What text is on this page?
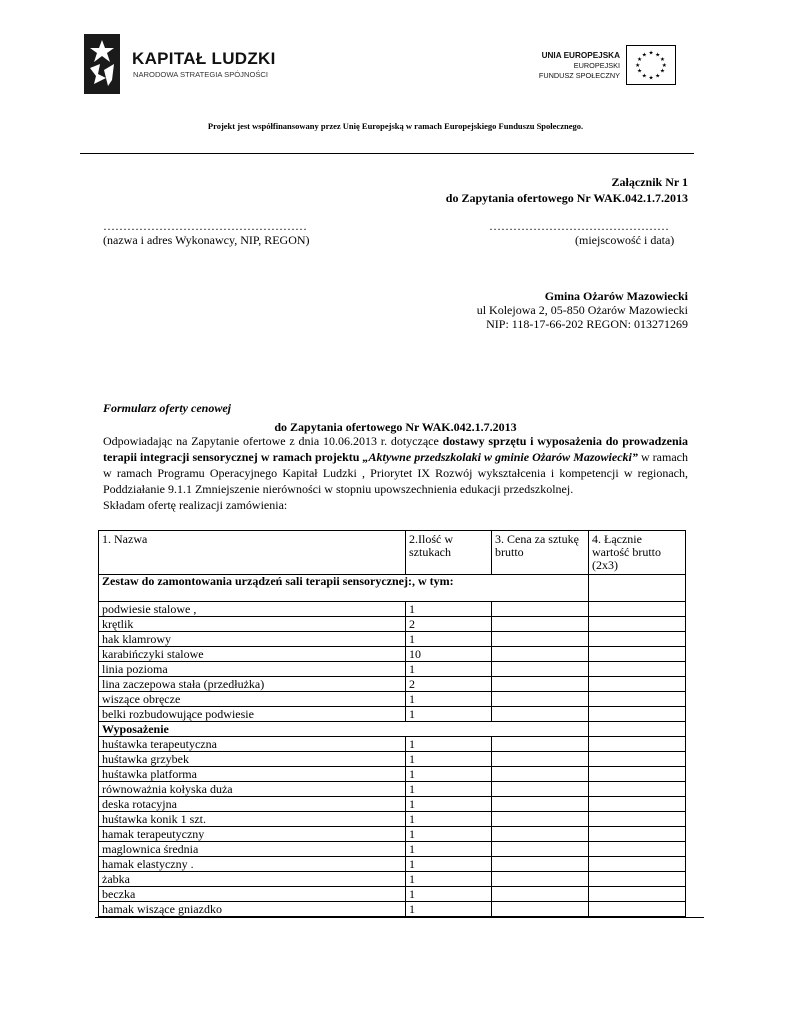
KAPITAŁ LUDZKI
NARODOWA STRATEGIA SPÓJNOŚCI
UNIA EUROPEJSKA
EUROPEJSKI
FUNDUSZ SPOŁECZNY
★ ★
★
★
★
★
★
★
★
★
★
★
Projekt jest współfinansowany przez Unię Europejską w ramach Europejskiego Funduszu Społecznego.
Załącznik Nr 1
do Zapytania ofertowego Nr WAK.042.1.7.2013
……………………………………………
(nazwa i adres Wykonawcy, NIP, REGON)
………………………………………
(miejscowość i data)
Gmina Ożarów Mazowiecki
ul Kolejowa 2, 05-850 Ożarów Mazowiecki
NIP: 118-17-66-202 REGON: 013271269
Formularz oferty cenowej
do Zapytania ofertowego Nr WAK.042.1.7.2013
Odpowiadając na Zapytanie ofertowe z dnia 10.06.2013 r. dotyczące dostawy sprzętu i wyposażenia do prowadzenia terapii integracji sensorycznej w ramach projektu „Aktywne przedszkolaki w gminie Ożarów Mazowiecki” w ramach w ramach Programu Operacyjnego Kapitał Ludzki , Priorytet IX Rozwój wykształcenia i kompetencji w regionach, Poddziałanie 9.1.1 Zmniejszenie nierówności w stopniu upowszechnienia edukacji przedszkolnej.
Składam ofertę realizacji zamówienia:
1. Nazwa	2.Ilość w sztukach	3. Cena za sztukę brutto	4. Łącznie wartość brutto (2x3)
Zestaw do zamontowania urządzeń sali terapii sensorycznej:, w tym:			
podwiesie stalowe ,	1		
krętlik	2		
hak klamrowy	1		
karabińczyki stalowe	10		
linia pozioma	1		
lina zaczepowa stała (przedłużka)	2		
wiszące obręcze	1		
belki rozbudowujące podwiesie	1		
Wyposażenie			
huśtawka terapeutyczna	1		
huśtawka grzybek	1		
huśtawka platforma	1		
równoważnia kołyska duża	1		
deska rotacyjna	1		
huśtawka konik 1 szt.	1		
hamak terapeutyczny	1		
maglownica średnia	1		
hamak elastyczny .	1		
żabka	1		
beczka	1		
hamak wiszące gniazdko	1		
